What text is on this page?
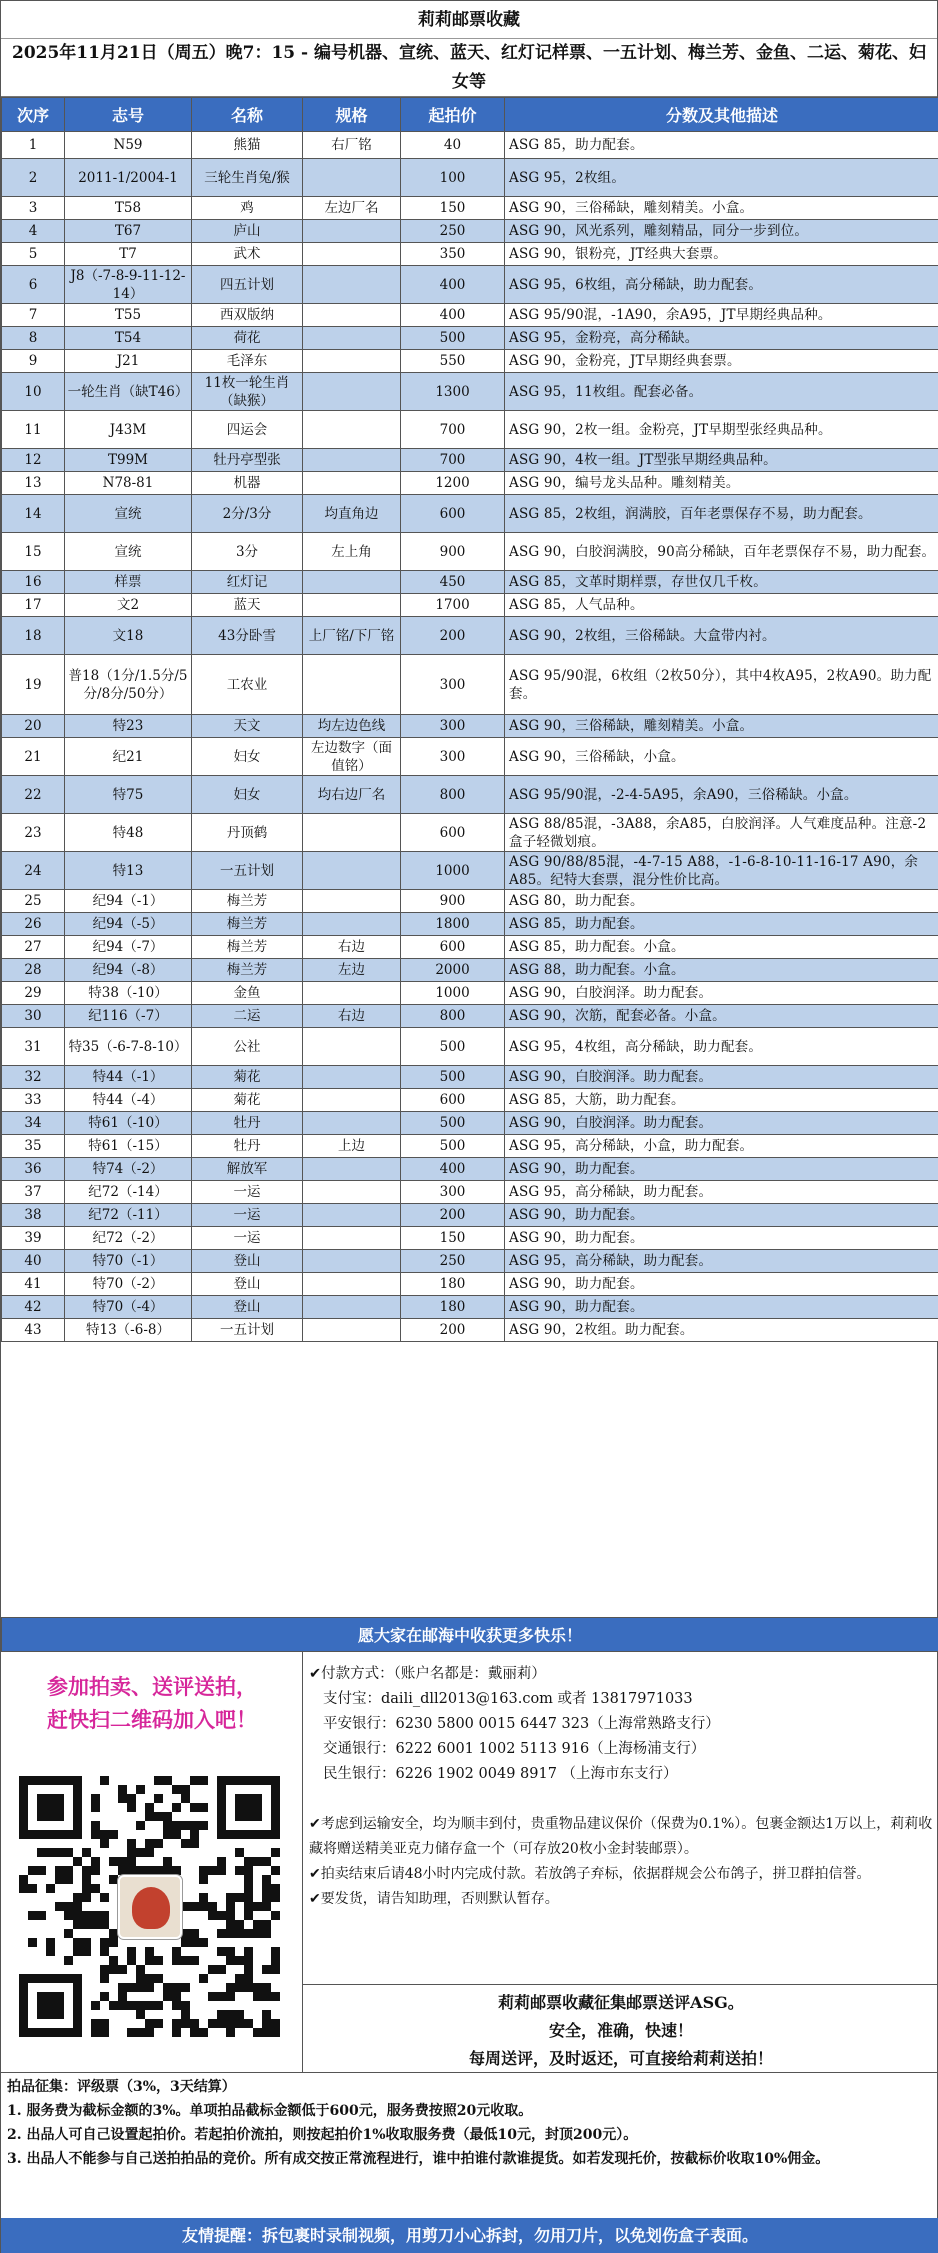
莉莉邮票收藏
2025年11月21日（周五）晚7：15 - 编号机器、宣统、蓝天、红灯记样票、一五计划、梅兰芳、金鱼、二运、菊花、妇女等
次序	志号	名称	规格	起拍价	分数及其他描述
1	N59	熊猫	右厂铭	40	ASG 85，助力配套。
2	2011-1/2004-1	三轮生肖兔/猴		100	ASG 95，2枚组。
3	T58	鸡	左边厂名	150	ASG 90，三俗稀缺，雕刻精美。小盒。
4	T67	庐山		250	ASG 90，风光系列，雕刻精品，同分一步到位。
5	T7	武术		350	ASG 90，银粉亮，JT经典大套票。
6	J8（-7-8-9-11-12-14）	四五计划		400	ASG 95，6枚组，高分稀缺，助力配套。
7	T55	西双版纳		400	ASG 95/90混，-1A90，余A95，JT早期经典品种。
8	T54	荷花		500	ASG 95，金粉亮，高分稀缺。
9	J21	毛泽东		550	ASG 90，金粉亮，JT早期经典套票。
10	一轮生肖（缺T46）	11枚一轮生肖（缺猴）		1300	ASG 95，11枚组。配套必备。
11	J43M	四运会		700	ASG 90，2枚一组。金粉亮，JT早期型张经典品种。
12	T99M	牡丹亭型张		700	ASG 90，4枚一组。JT型张早期经典品种。
13	N78-81	机器		1200	ASG 90，编号龙头品种。雕刻精美。
14	宣统	2分/3分	均直角边	600	ASG 85，2枚组，润满胶，百年老票保存不易，助力配套。
15	宣统	3分	左上角	900	ASG 90，白胶润满胶，90高分稀缺，百年老票保存不易，助力配套。
16	样票	红灯记		450	ASG 85，文革时期样票，存世仅几千枚。
17	文2	蓝天		1700	ASG 85，人气品种。
18	文18	43分卧雪	上厂铭/下厂铭	200	ASG 90，2枚组，三俗稀缺。大盒带内衬。
19	普18（1分/1.5分/5分/8分/50分）	工农业		300	ASG 95/90混，6枚组（2枚50分），其中4枚A95，2枚A90。助力配套。
20	特23	天文	均左边色线	300	ASG 90，三俗稀缺，雕刻精美。小盒。
21	纪21	妇女	左边数字（面值铭）	300	ASG 90，三俗稀缺，小盒。
22	特75	妇女	均右边厂名	800	ASG 95/90混，-2-4-5A95，余A90，三俗稀缺。小盒。
23	特48	丹顶鹤		600	ASG 88/85混，-3A88，余A85，白胶润泽。人气难度品种。注意-2盒子轻微划痕。
24	特13	一五计划		1000	ASG 90/88/85混，-4-7-15 A88，-1-6-8-10-11-16-17 A90，余A85。纪特大套票，混分性价比高。
25	纪94（-1）	梅兰芳		900	ASG 80，助力配套。
26	纪94（-5）	梅兰芳		1800	ASG 85，助力配套。
27	纪94（-7）	梅兰芳	右边	600	ASG 85，助力配套。小盒。
28	纪94（-8）	梅兰芳	左边	2000	ASG 88，助力配套。小盒。
29	特38（-10）	金鱼		1000	ASG 90，白胶润泽。助力配套。
30	纪116（-7）	二运	右边	800	ASG 90，次筋，配套必备。小盒。
31	特35（-6-7-8-10）	公社		500	ASG 95，4枚组，高分稀缺，助力配套。
32	特44（-1）	菊花		500	ASG 90，白胶润泽。助力配套。
33	特44（-4）	菊花		600	ASG 85，大筋，助力配套。
34	特61（-10）	牡丹		500	ASG 90，白胶润泽。助力配套。
35	特61（-15）	牡丹	上边	500	ASG 95，高分稀缺，小盒，助力配套。
36	特74（-2）	解放军		400	ASG 90，助力配套。
37	纪72（-14）	一运		300	ASG 95，高分稀缺，助力配套。
38	纪72（-11）	一运		200	ASG 90，助力配套。
39	纪72（-2）	一运		150	ASG 90，助力配套。
40	特70（-1）	登山		250	ASG 95，高分稀缺，助力配套。
41	特70（-2）	登山		180	ASG 90，助力配套。
42	特70（-4）	登山		180	ASG 90，助力配套。
43	特13（-6-8）	一五计划		200	ASG 90，2枚组。助力配套。
愿大家在邮海中收获更多快乐！
参加拍卖、送评送拍，
赶快扫二维码加入吧！
✔付款方式：（账户名都是：戴丽莉）
支付宝：daili_dll2013@163.com 或者 13817971033
平安银行：6230 5800 0015 6447 323（上海常熟路支行）
交通银行：6222 6001 1002 5113 916（上海杨浦支行）
民生银行：6226 1902 0049 8917 （上海市东支行）
✔考虑到运输安全，均为顺丰到付，贵重物品建议保价（保费为0.1%）。包裹金额达1万以上，莉莉收藏将赠送精美亚克力储存盒一个（可存放20枚小金封装邮票）。
✔拍卖结束后请48小时内完成付款。若放鸽子弃标，依据群规会公布鸽子，拼卫群拍信誉。
✔要发货，请告知助理，否则默认暂存。
莉莉邮票收藏征集邮票送评ASG。
安全，准确，快速！
每周送评，及时返还，可直接给莉莉送拍！
拍品征集：评级票（3%，3天结算）
1. 服务费为截标金额的3%。单项拍品截标金额低于600元，服务费按照20元收取。
2. 出品人可自己设置起拍价。若起拍价流拍，则按起拍价1%收取服务费（最低10元，封顶200元）。
3. 出品人不能参与自己送拍拍品的竞价。所有成交按正常流程进行，谁中拍谁付款谁提货。如若发现托价，按截标价收取10%佣金。
友情提醒：拆包裹时录制视频，用剪刀小心拆封，勿用刀片，以免划伤盒子表面。
